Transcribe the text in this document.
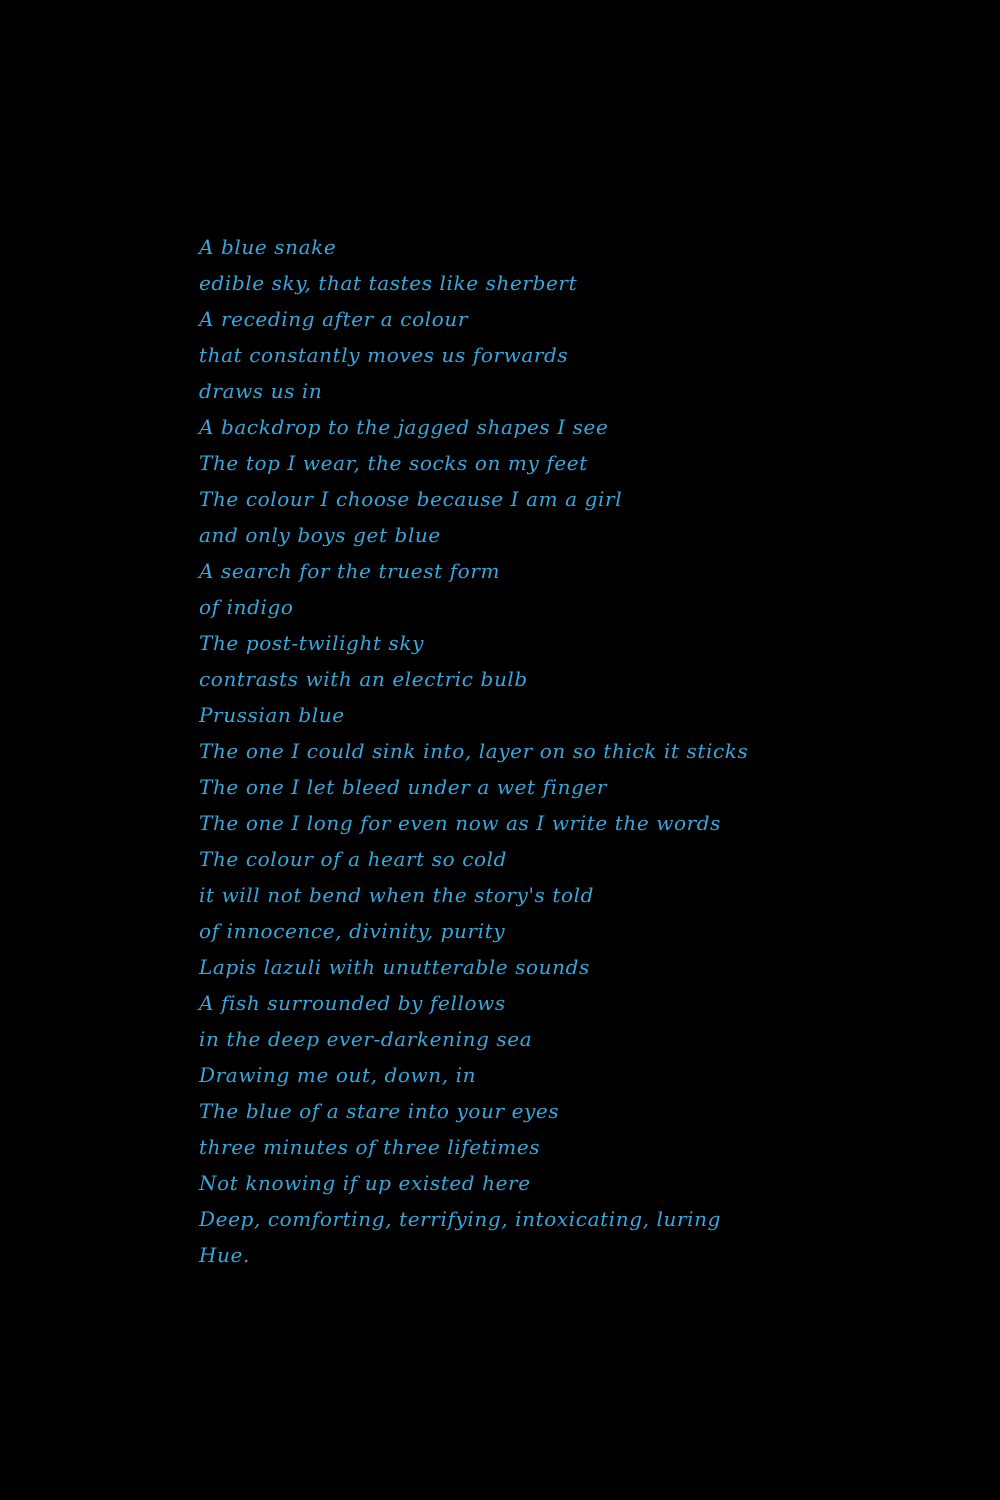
A blue snake
edible sky, that tastes like sherbert
A receding after a colour
that constantly moves us forwards
draws us in
A backdrop to the jagged shapes I see
The top I wear, the socks on my feet
The colour I choose because I am a girl
and only boys get blue
A search for the truest form
of indigo
The post-twilight sky
contrasts with an electric bulb
Prussian blue
The one I could sink into, layer on so thick it sticks
The one I let bleed under a wet finger
The one I long for even now as I write the words
The colour of a heart so cold
it will not bend when the story's told
of innocence, divinity, purity
Lapis lazuli with unutterable sounds
A fish surrounded by fellows
in the deep ever-darkening sea
Drawing me out, down, in
The blue of a stare into your eyes
three minutes of three lifetimes
Not knowing if up existed here
Deep, comforting, terrifying, intoxicating, luring
Hue.
